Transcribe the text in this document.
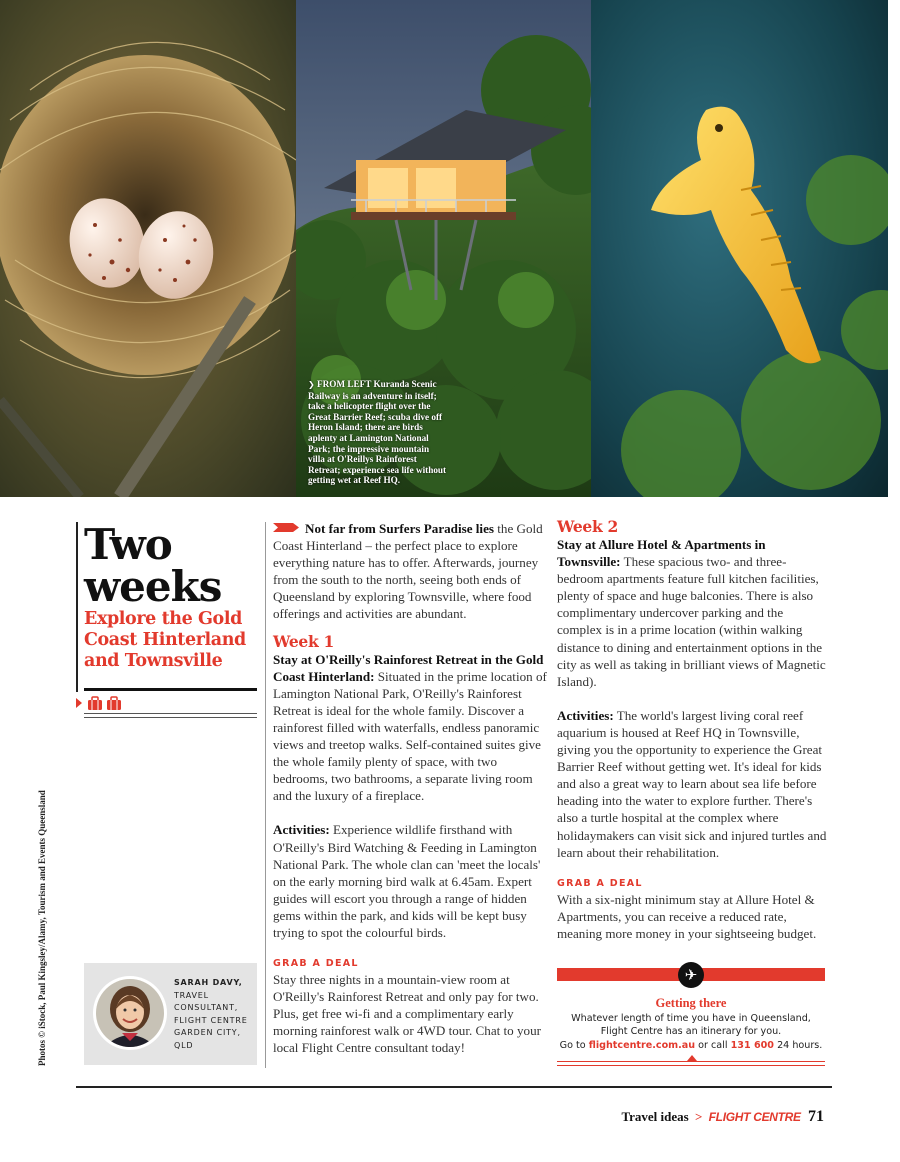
❯ FROM LEFT Kuranda Scenic Railway is an adventure in itself; take a helicopter flight over the Great Barrier Reef; scuba dive off Heron Island; there are birds aplenty at Lamington National Park; the impressive mountain villa at O'Reillys Rainforest Retreat; experience sea life without getting wet at Reef HQ.
Photos © iStock, Paul Kingsley/Alamy, Tourism and Events Queensland
Two weeks
Explore the Gold Coast Hinterland and Townsville
SARAH DAVY, TRAVEL CONSULTANT, FLIGHT CENTRE GARDEN CITY, QLD

Not far from Surfers Paradise lies the Gold Coast Hinterland – the perfect place to explore everything nature has to offer. Afterwards, journey from the south to the north, seeing both ends of Queensland by exploring Townsville, where food offerings and activities are abundant.

Week 1

Stay at O'Reilly's Rainforest Retreat in the Gold Coast Hinterland: Situated in the prime location of Lamington National Park, O'Reilly's Rainforest Retreat is ideal for the whole family. Discover a rainforest filled with waterfalls, endless panoramic views and treetop walks. Self-contained suites give the whole family plenty of space, with two bedrooms, two bathrooms, a separate living room and the luxury of a fireplace.

Activities: Experience wildlife firsthand with O'Reilly's Bird Watching & Feeding in Lamington National Park. The whole clan can 'meet the locals' on the early morning bird walk at 6.45am. Expert guides will escort you through a range of hidden gems within the park, and kids will be kept busy trying to spot the colourful birds.

GRAB A DEAL

Stay three nights in a mountain-view room at O'Reilly's Rainforest Retreat and only pay for two. Plus, get free wi-fi and a complimentary early morning rainforest walk or 4WD tour. Chat to your local Flight Centre consultant today!

Week 2

Stay at Allure Hotel & Apartments in Townsville: These spacious two- and three-bedroom apartments feature full kitchen facilities, plenty of space and huge balconies. There is also complimentary undercover parking and the complex is in a prime location (within walking distance to dining and entertainment options in the city as well as taking in brilliant views of Magnetic Island).

Activities: The world's largest living coral reef aquarium is housed at Reef HQ in Townsville, giving you the opportunity to experience the Great Barrier Reef without getting wet. It's ideal for kids and also a great way to learn about sea life before heading into the water to explore further. There's also a turtle hospital at the complex where holidaymakers can visit sick and injured turtles and learn about their rehabilitation.

GRAB A DEAL

With a six-night minimum stay at Allure Hotel & Apartments, you can receive a reduced rate, meaning more money in your sightseeing budget.

✈
Getting there
Whatever length of time you have in Queensland,
Flight Centre has an itinerary for you.
Go to flightcentre.com.au or call 131 600 24 hours.
Travel ideas > FLIGHT CENTRE 71
